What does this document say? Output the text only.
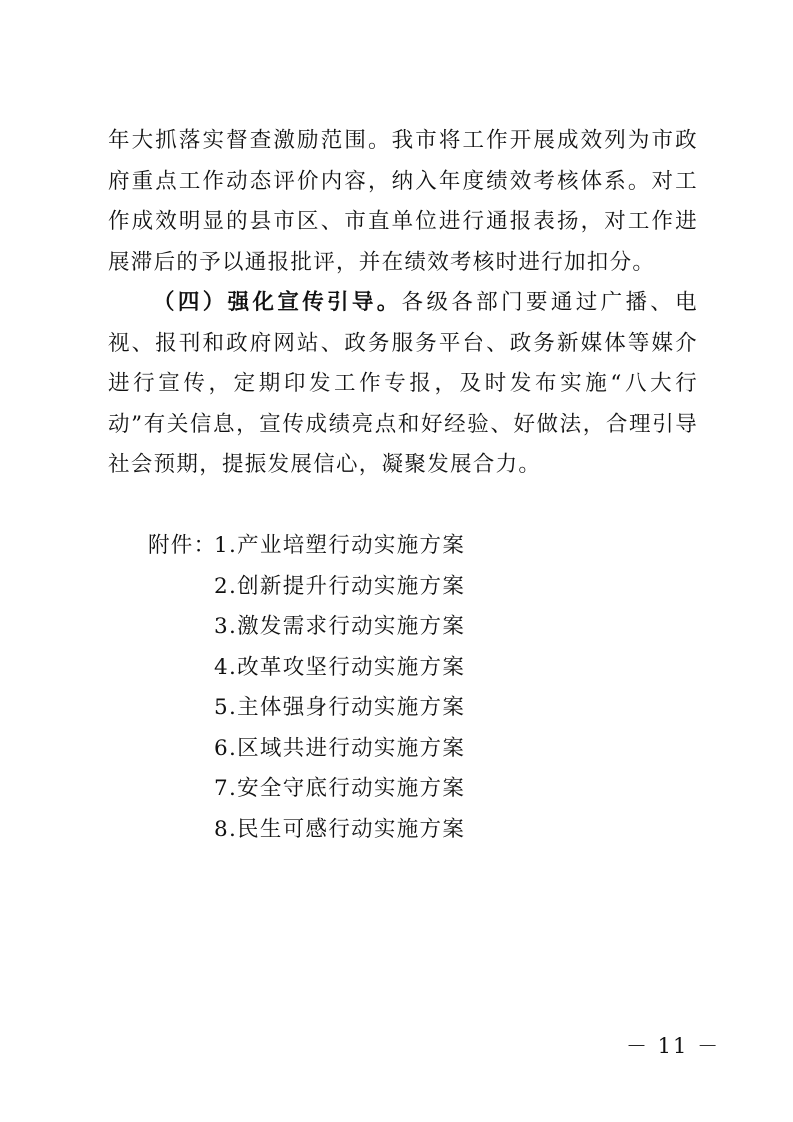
年大抓落实督查激励范围。我市将工作开展成效列为市政府重点工作动态评价内容，纳入年度绩效考核体系。对工作成效明显的县市区、市直单位进行通报表扬，对工作进展滞后的予以通报批评，并在绩效考核时进行加扣分。

（四）强化宣传引导。各级各部门要通过广播、电视、报刊和政府网站、政务服务平台、政务新媒体等媒介进行宣传，定期印发工作专报，及时发布实施“八大行动”有关信息，宣传成绩亮点和好经验、好做法，合理引导社会预期，提振发展信心，凝聚发展合力。

附件：
1.产业培塑行动实施方案
2.创新提升行动实施方案
3.激发需求行动实施方案
4.改革攻坚行动实施方案
5.主体强身行动实施方案
6.区域共进行动实施方案
7.安全守底行动实施方案
8.民生可感行动实施方案
－ 11 －
